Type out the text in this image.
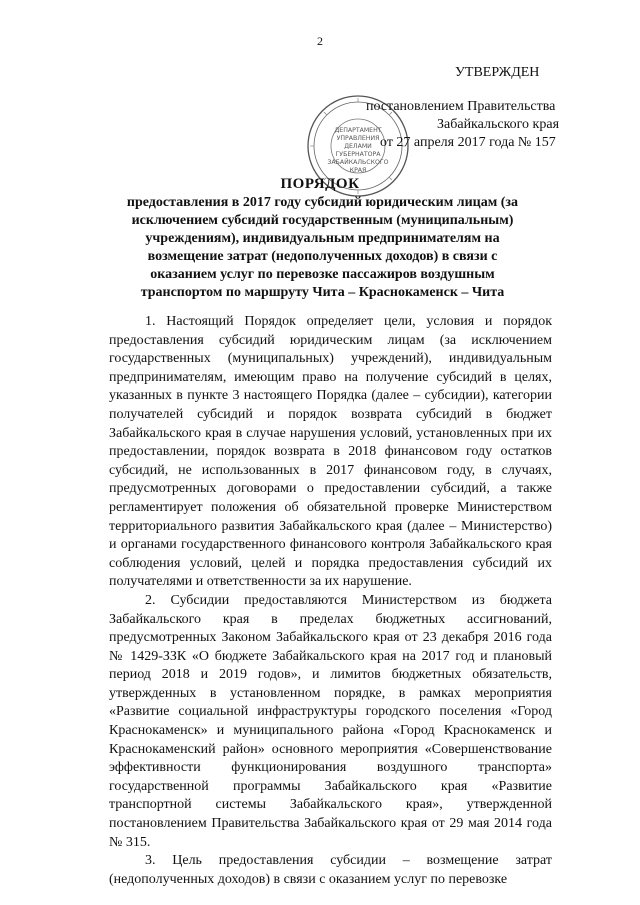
2
УТВЕРЖДЕН
ДЕПАРТАМЕНТ
УПРАВЛЕНИЯ
ДЕЛАМИ
ГУБЕРНАТОРА
ЗАБАЙКАЛЬСКОГО
КРАЯ
постановлением Правительства
Забайкальского края
от 27 апреля 2017 года № 157
ПОРЯДОК
предоставления в 2017 году субсидий юридическим лицам (за исключением субсидий государственным (муниципальным) учреждениям), индивидуальным предпринимателям на возмещение затрат (недополученных доходов) в связи с оказанием услуг по перевозке пассажиров воздушным транспортом по маршруту Чита – Краснокаменск – Чита

1. Настоящий Порядок определяет цели, условия и порядок предоставления субсидий юридическим лицам (за исключением государственных (муниципальных) учреждений), индивидуальным предпринимателям, имеющим право на получение субсидий в целях, указанных в пункте 3 настоящего Порядка (далее – субсидии), категории получателей субсидий и порядок возврата субсидий в бюджет Забайкальского края в случае нарушения условий, установленных при их предоставлении, порядок возврата в 2018 финансовом году остатков субсидий, не использованных в 2017 финансовом году, в случаях, предусмотренных договорами о предоставлении субсидий, а также регламентирует положения об обязательной проверке Министерством территориального развития Забайкальского края (далее – Министерство) и органами государственного финансового контроля Забайкальского края соблюдения условий, целей и порядка предоставления субсидий их получателями и ответственности за их нарушение.

2. Субсидии предоставляются Министерством из бюджета Забайкальского края в пределах бюджетных ассигнований, предусмотренных Законом Забайкальского края от 23 декабря 2016 года № 1429-ЗЗК «О бюджете Забайкальского края на 2017 год и плановый период 2018 и 2019 годов», и лимитов бюджетных обязательств, утвержденных в установленном порядке, в рамках мероприятия «Развитие социальной инфраструктуры городского поселения «Город Краснокаменск» и муниципального района «Город Краснокаменск и Краснокаменский район» основного мероприятия «Совершенствование эффективности функционирования воздушного транспорта» государственной программы Забайкальского края «Развитие транспортной системы Забайкальского края», утвержденной постановлением Правительства Забайкальского края от 29 мая 2014 года № 315.

3. Цель предоставления субсидии – возмещение затрат (недополученных доходов) в связи с оказанием услуг по перевозке
